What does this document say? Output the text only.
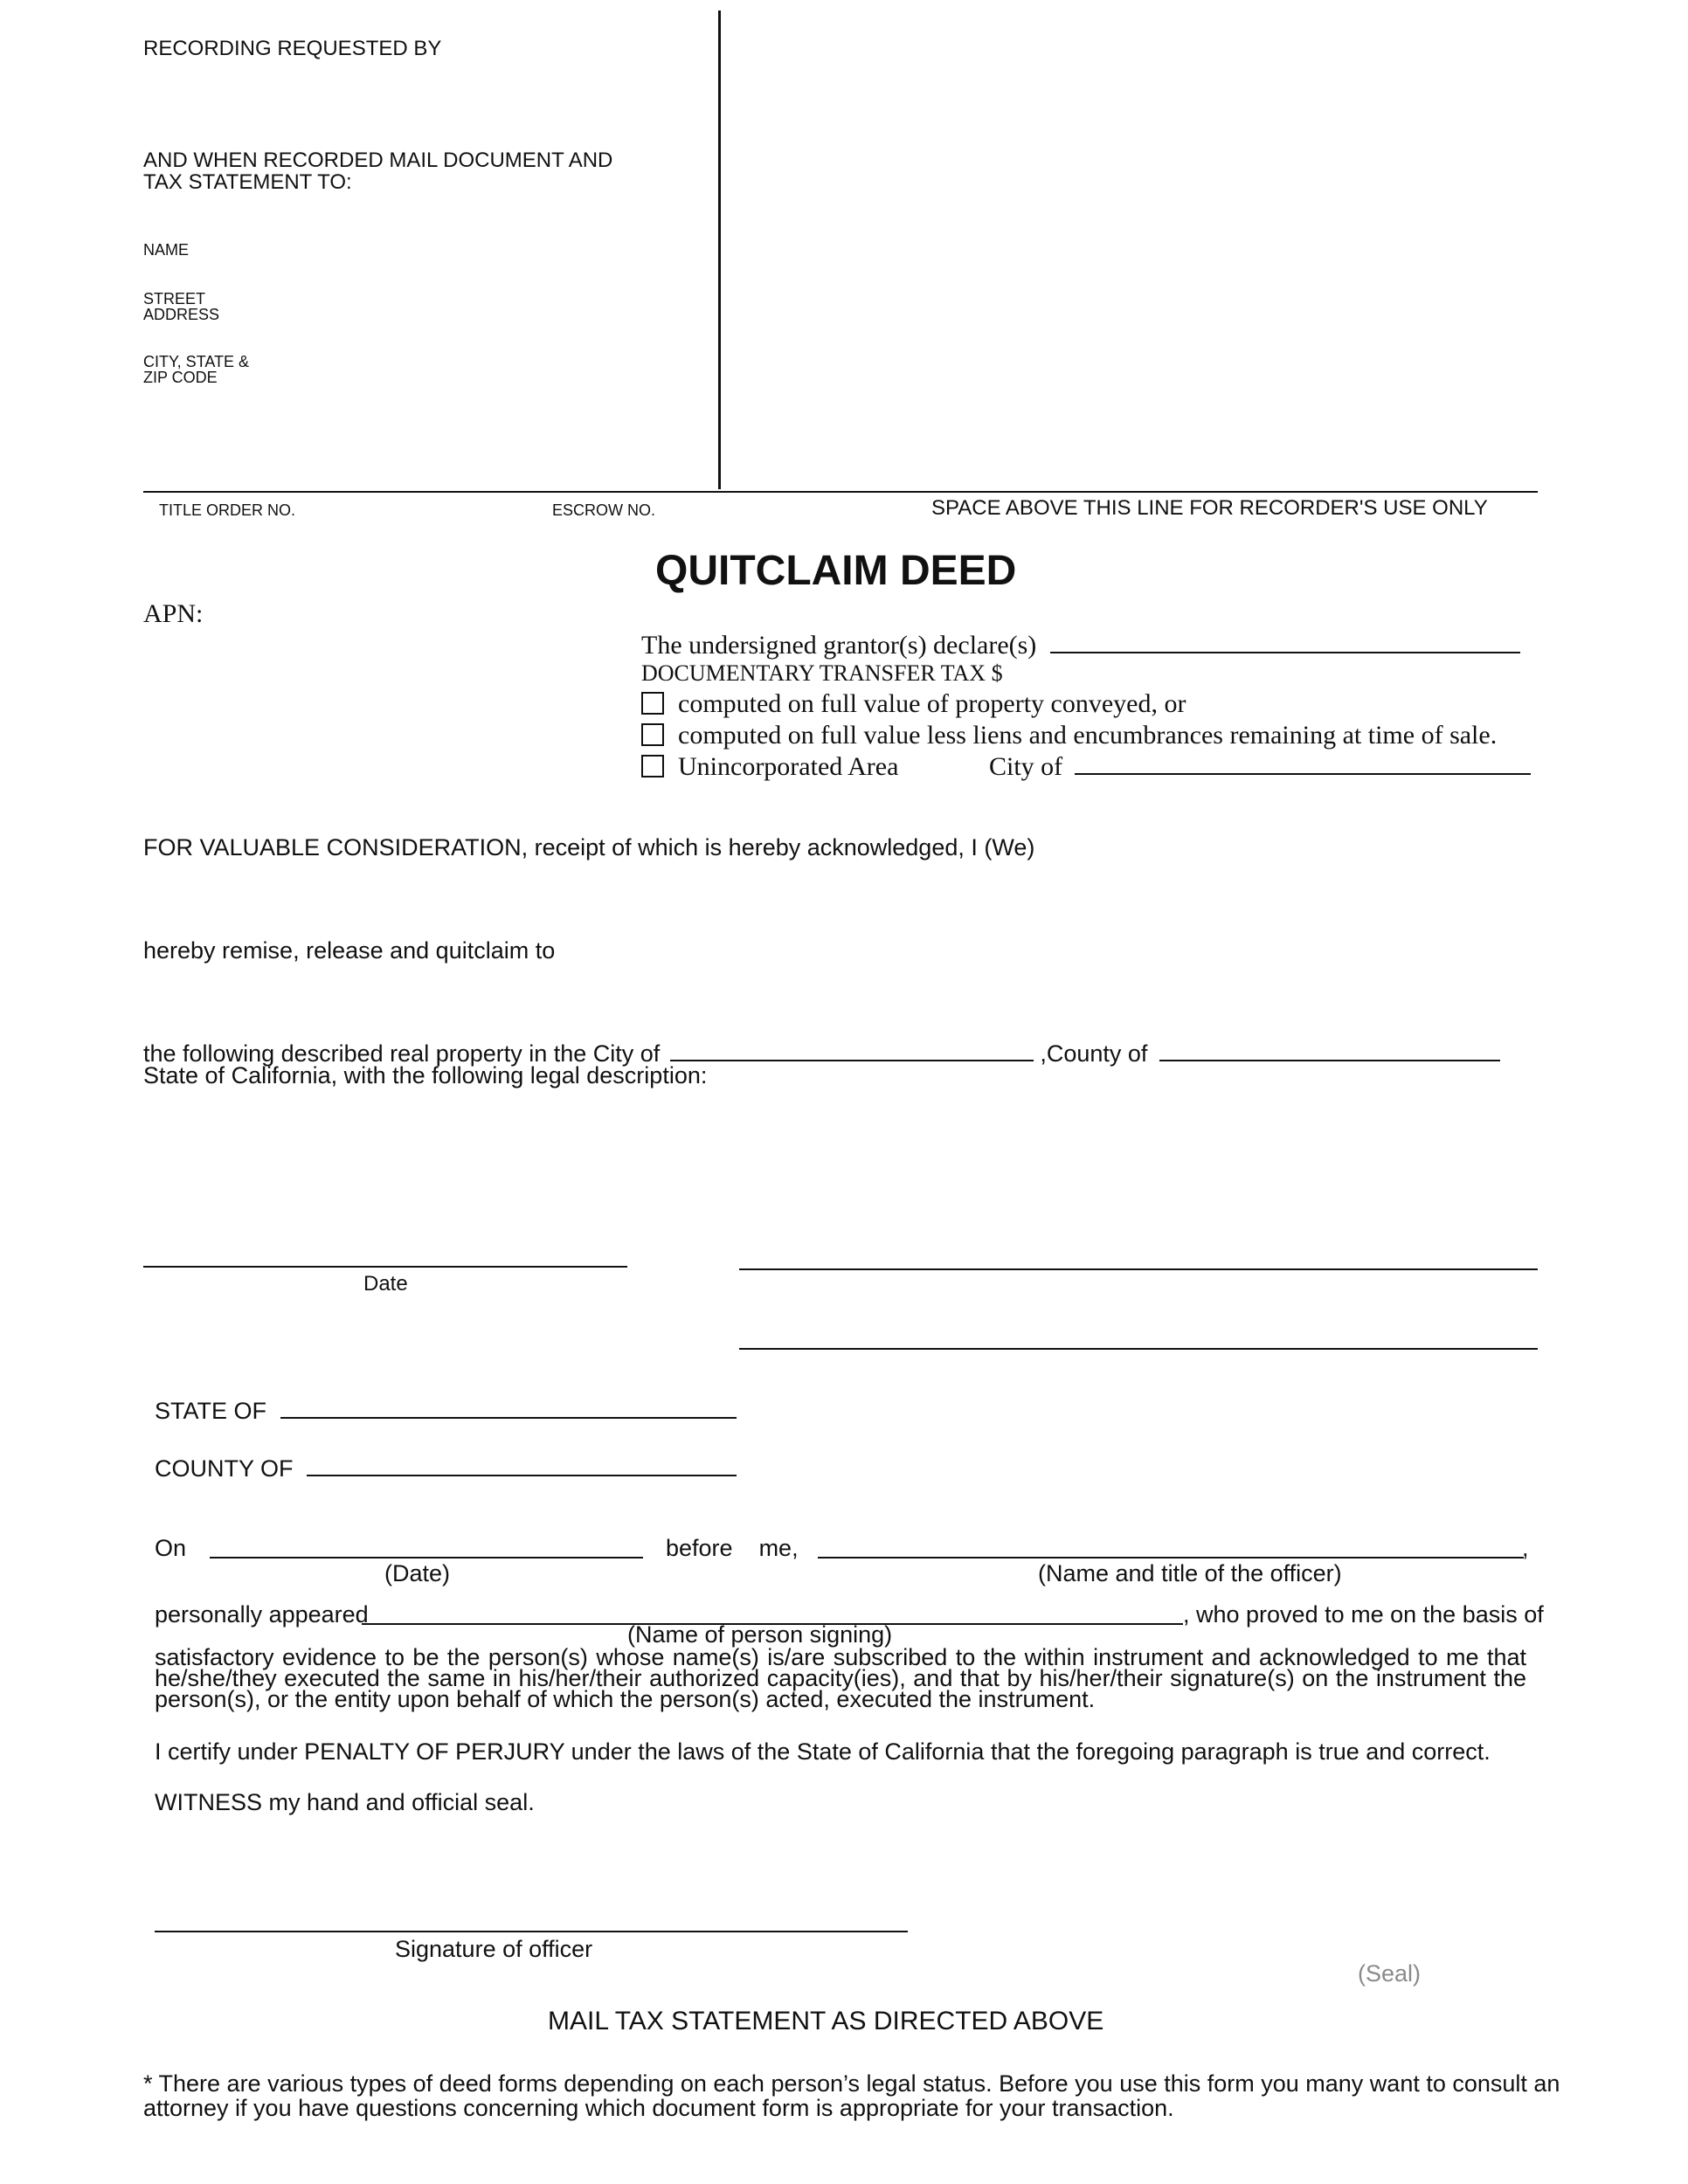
RECORDING REQUESTED BY
AND WHEN RECORDED MAIL DOCUMENT AND
TAX STATEMENT TO:
NAME
STREET
ADDRESS
CITY, STATE &
ZIP CODE
TITLE ORDER NO.	ESCROW NO.	SPACE ABOVE THIS LINE FOR RECORDER'S USE ONLY
QUITCLAIM DEED
APN:
The undersigned grantor(s) declare(s)
DOCUMENTARY TRANSFER TAX $
computed on full value of property conveyed, or
computed on full value less liens and encumbrances remaining at time of sale.
Unincorporated Area	City of
FOR VALUABLE CONSIDERATION, receipt of which is hereby acknowledged, I (We)
hereby remise, release and quitclaim to
the following described real property in the City of	,County of
State of California, with the following legal description:
Date
STATE OF
COUNTY OF
On	before    me,	,
(Date)	(Name and title of the officer)
personally appeared	, who proved to me on the basis of
(Name of person signing)
satisfactory evidence to be the person(s) whose name(s) is/are subscribed to the within instrument and acknowledged to me that he/she/they executed the same in his/her/their authorized capacity(ies), and that by his/her/their signature(s) on the instrument the person(s), or the entity upon behalf of which the person(s) acted, executed the instrument.
I certify under PENALTY OF PERJURY under the laws of the State of California that the foregoing paragraph is true and correct.
WITNESS my hand and official seal.
Signature of officer
(Seal)
MAIL TAX STATEMENT AS DIRECTED ABOVE
* There are various types of deed forms depending on each person’s legal status. Before you use this form you many want to consult an
attorney if you have questions concerning which document form is appropriate for your transaction.
